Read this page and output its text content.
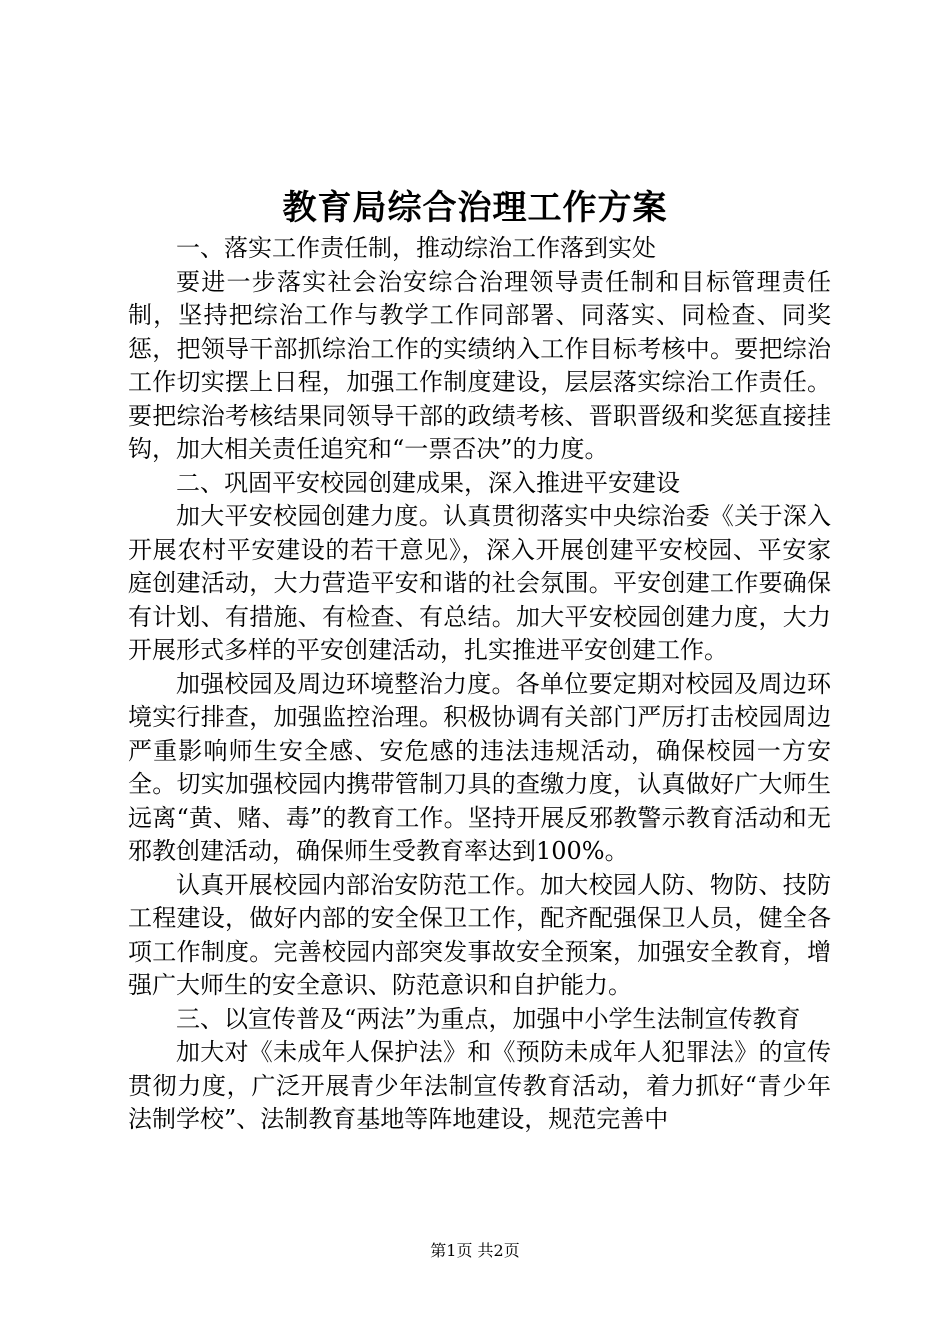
教育局综合治理工作方案

一、落实工作责任制，推动综治工作落到实处

要进一步落实社会治安综合治理领导责任制和目标管理责任制，坚持把综治工作与教学工作同部署、同落实、同检查、同奖惩，把领导干部抓综治工作的实绩纳入工作目标考核中。要把综治工作切实摆上日程，加强工作制度建设，层层落实综治工作责任。要把综治考核结果同领导干部的政绩考核、晋职晋级和奖惩直接挂钩，加大相关责任追究和“一票否决”的力度。

二、巩固平安校园创建成果，深入推进平安建设

加大平安校园创建力度。认真贯彻落实中央综治委《关于深入开展农村平安建设的若干意见》，深入开展创建平安校园、平安家庭创建活动，大力营造平安和谐的社会氛围。平安创建工作要确保有计划、有措施、有检查、有总结。加大平安校园创建力度，大力开展形式多样的平安创建活动，扎实推进平安创建工作。

加强校园及周边环境整治力度。各单位要定期对校园及周边环境实行排查，加强监控治理。积极协调有关部门严厉打击校园周边严重影响师生安全感、安危感的违法违规活动，确保校园一方安全。切实加强校园内携带管制刀具的查缴力度，认真做好广大师生远离“黄、赌、毒”的教育工作。坚持开展反邪教警示教育活动和无邪教创建活动，确保师生受教育率达到100%。

认真开展校园内部治安防范工作。加大校园人防、物防、技防工程建设，做好内部的安全保卫工作，配齐配强保卫人员，健全各项工作制度。完善校园内部突发事故安全预案，加强安全教育，增强广大师生的安全意识、防范意识和自护能力。

三、以宣传普及“两法”为重点，加强中小学生法制宣传教育

加大对《未成年人保护法》和《预防未成年人犯罪法》的宣传贯彻力度，广泛开展青少年法制宣传教育活动，着力抓好“青少年法制学校”、法制教育基地等阵地建设，规范完善中

第1页 共2页
